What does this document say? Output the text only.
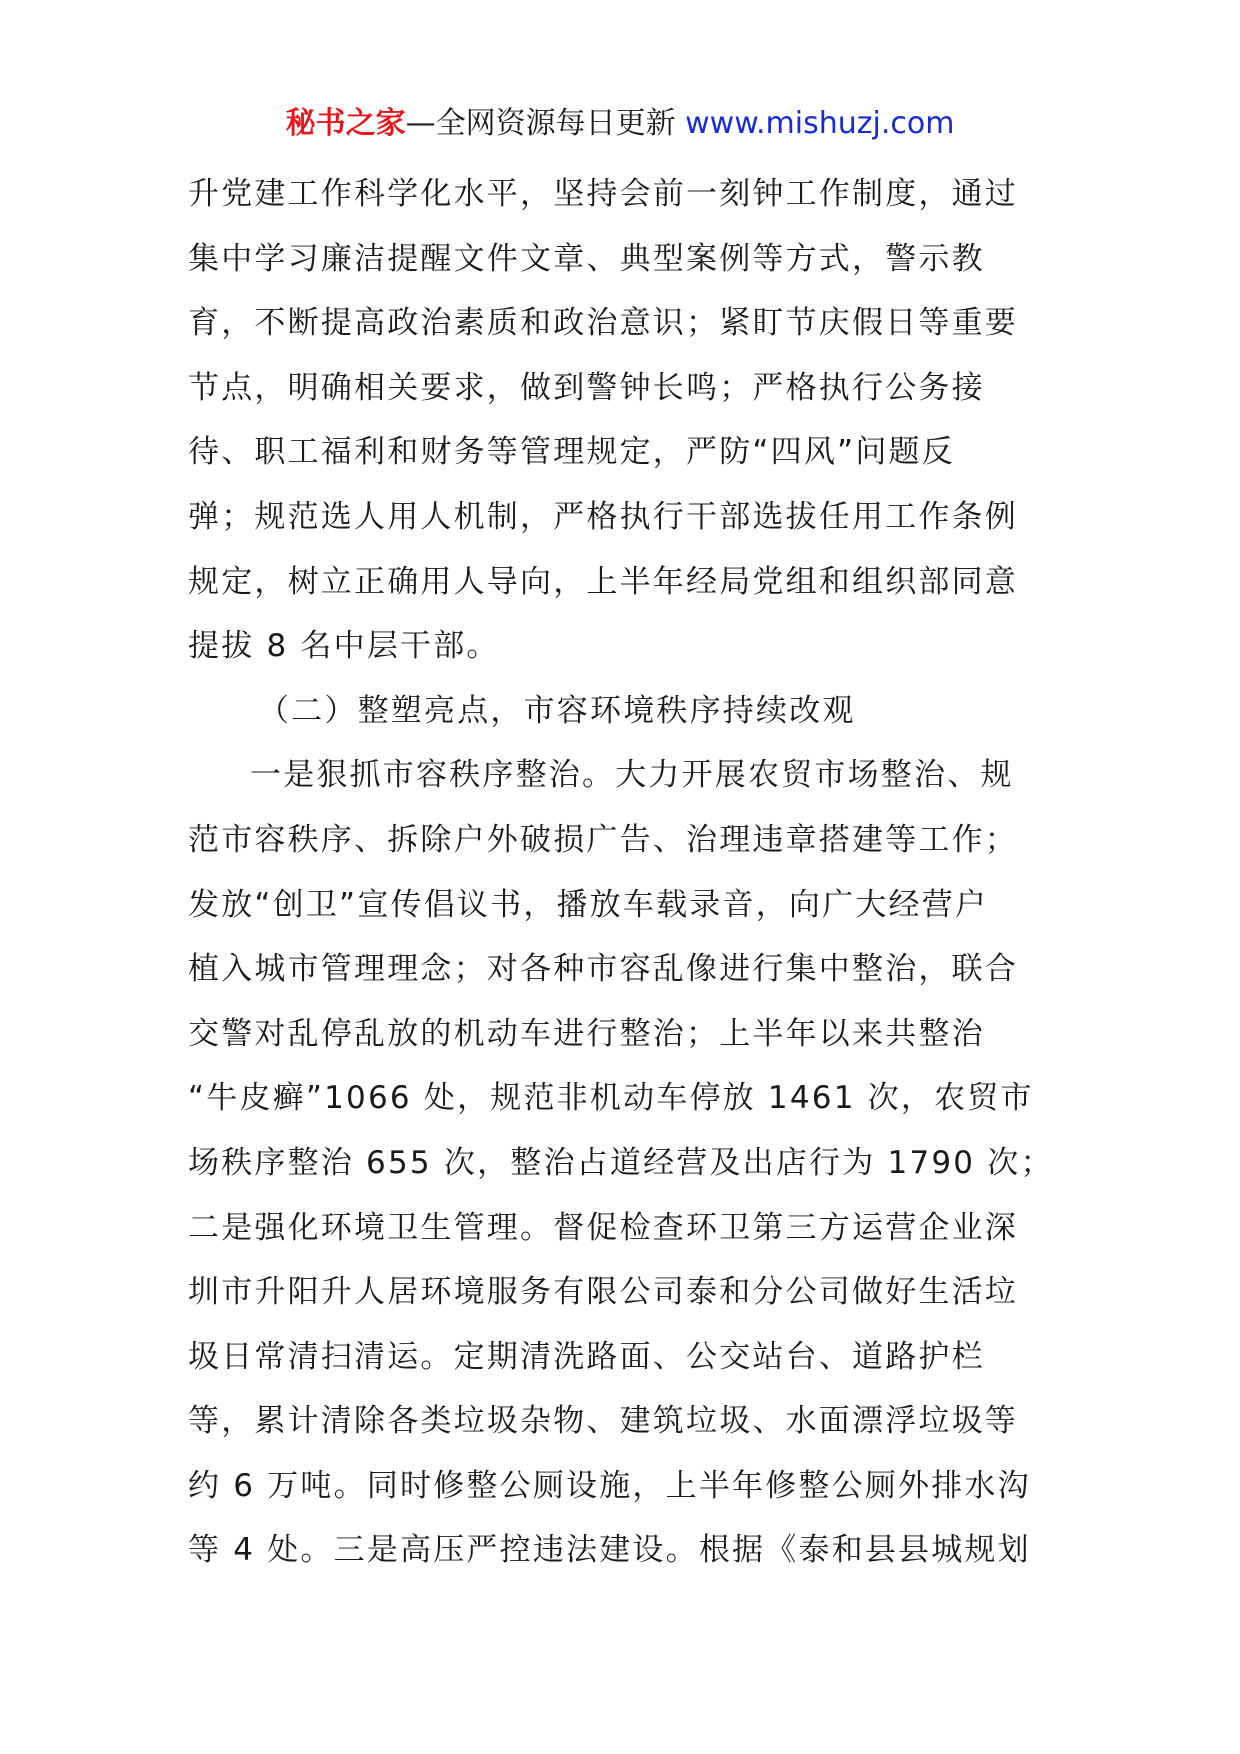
秘书之家—全网资源每日更新 www.mishuzj.com
升党建工作科学化水平，坚持会前一刻钟工作制度，通过
集中学习廉洁提醒文件文章、典型案例等方式，警示教
育，不断提高政治素质和政治意识；紧盯节庆假日等重要
节点，明确相关要求，做到警钟长鸣；严格执行公务接
待、职工福利和财务等管理规定，严防“四风”问题反
弹；规范选人用人机制，严格执行干部选拔任用工作条例
规定，树立正确用人导向，上半年经局党组和组织部同意
提拔 8 名中层干部。
（二）整塑亮点，市容环境秩序持续改观
一是狠抓市容秩序整治。大力开展农贸市场整治、规
范市容秩序、拆除户外破损广告、治理违章搭建等工作；
发放“创卫”宣传倡议书，播放车载录音，向广大经营户
植入城市管理理念；对各种市容乱像进行集中整治，联合
交警对乱停乱放的机动车进行整治；上半年以来共整治
“牛皮癣”1066 处，规范非机动车停放 1461 次，农贸市
场秩序整治 655 次，整治占道经营及出店行为 1790 次；
二是强化环境卫生管理。督促检查环卫第三方运营企业深
圳市升阳升人居环境服务有限公司泰和分公司做好生活垃
圾日常清扫清运。定期清洗路面、公交站台、道路护栏
等，累计清除各类垃圾杂物、建筑垃圾、水面漂浮垃圾等
约 6 万吨。同时修整公厕设施，上半年修整公厕外排水沟
等 4 处。三是高压严控违法建设。根据《泰和县县城规划
